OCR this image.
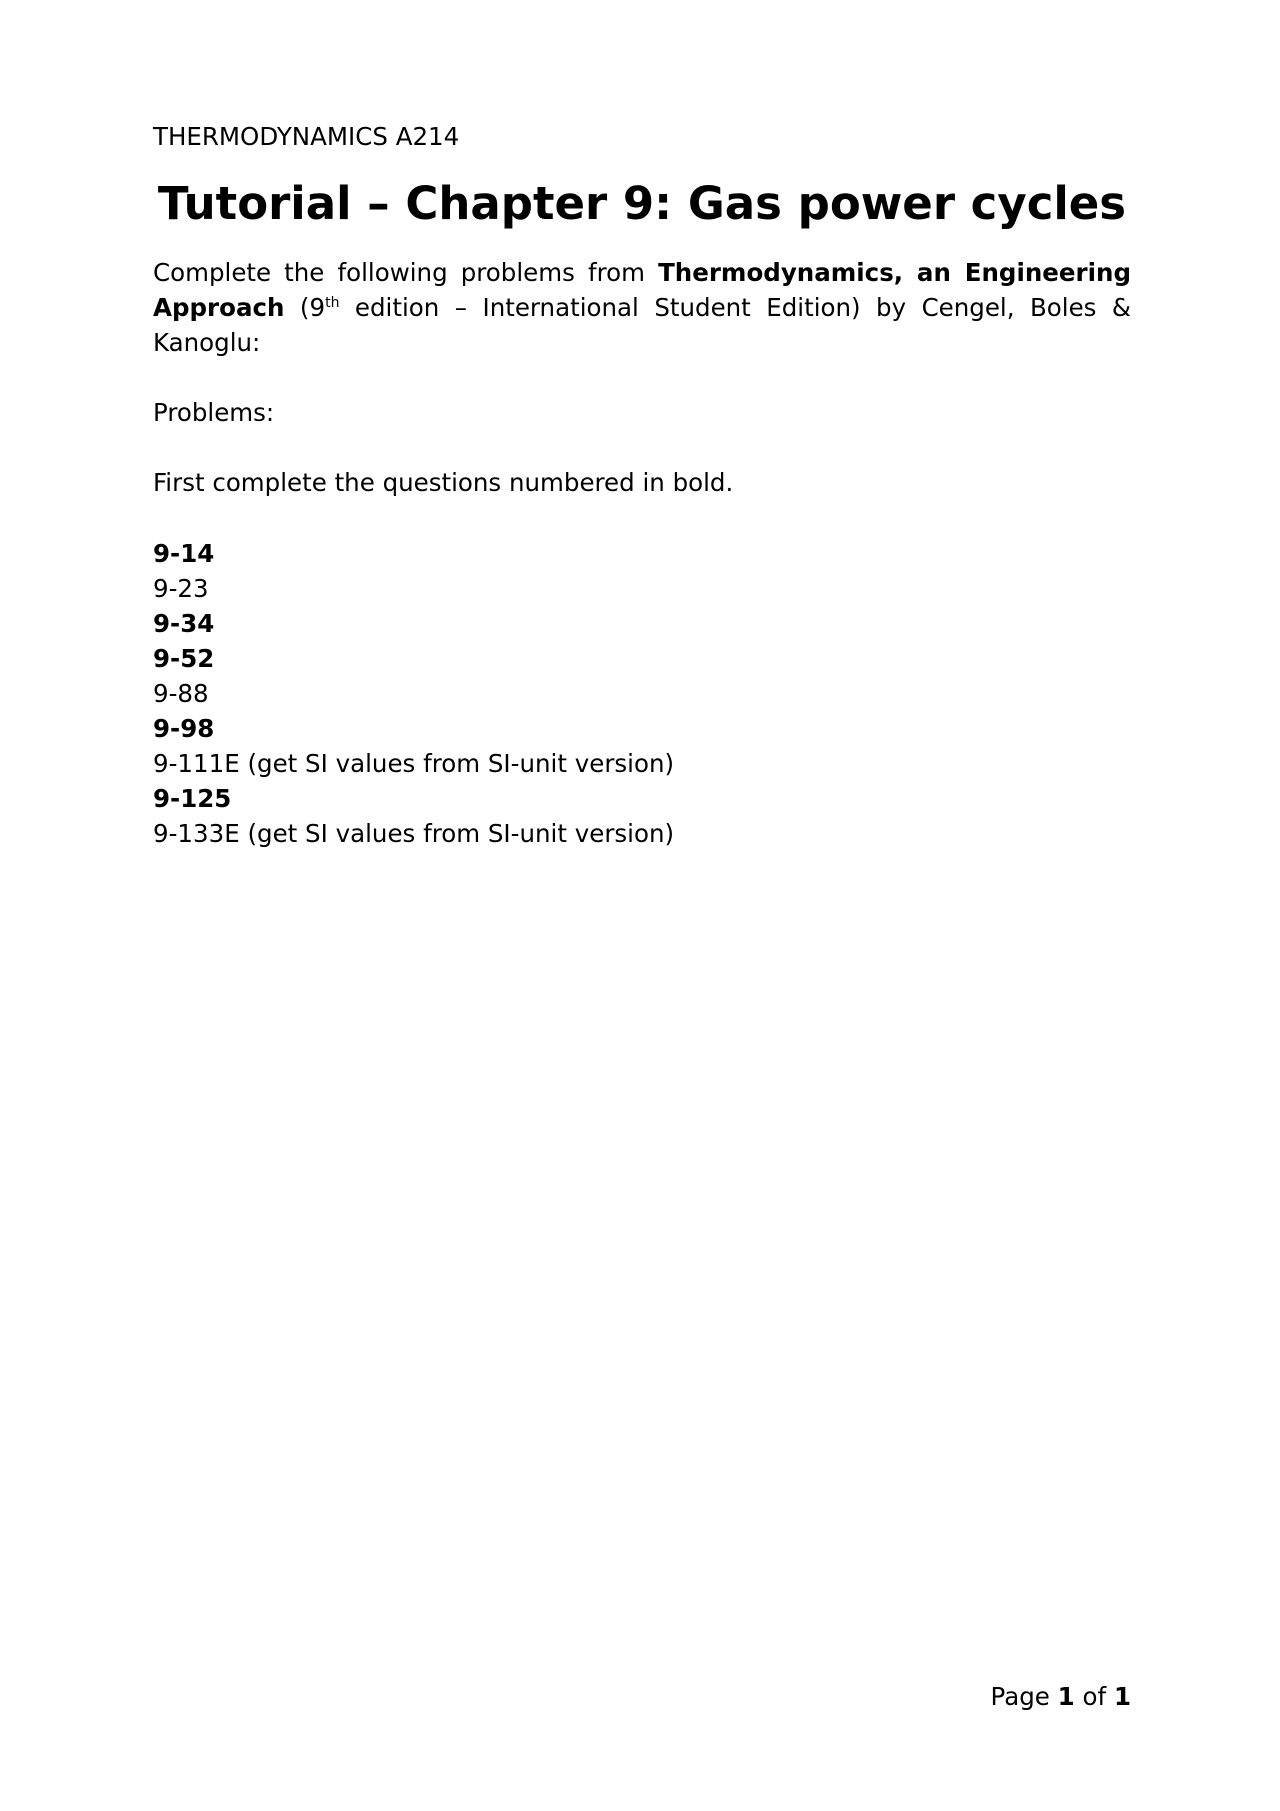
THERMODYNAMICS A214
Tutorial – Chapter 9: Gas power cycles

Complete the following problems from Thermodynamics, an Engineering Approach (9th edition – International Student Edition) by Cengel, Boles & Kanoglu:

Problems:
First complete the questions numbered in bold.
9-14
9-23
9-34
9-52
9-88
9-98
9-111E (get SI values from SI-unit version)
9-125
9-133E (get SI values from SI-unit version)
Page 1 of 1
